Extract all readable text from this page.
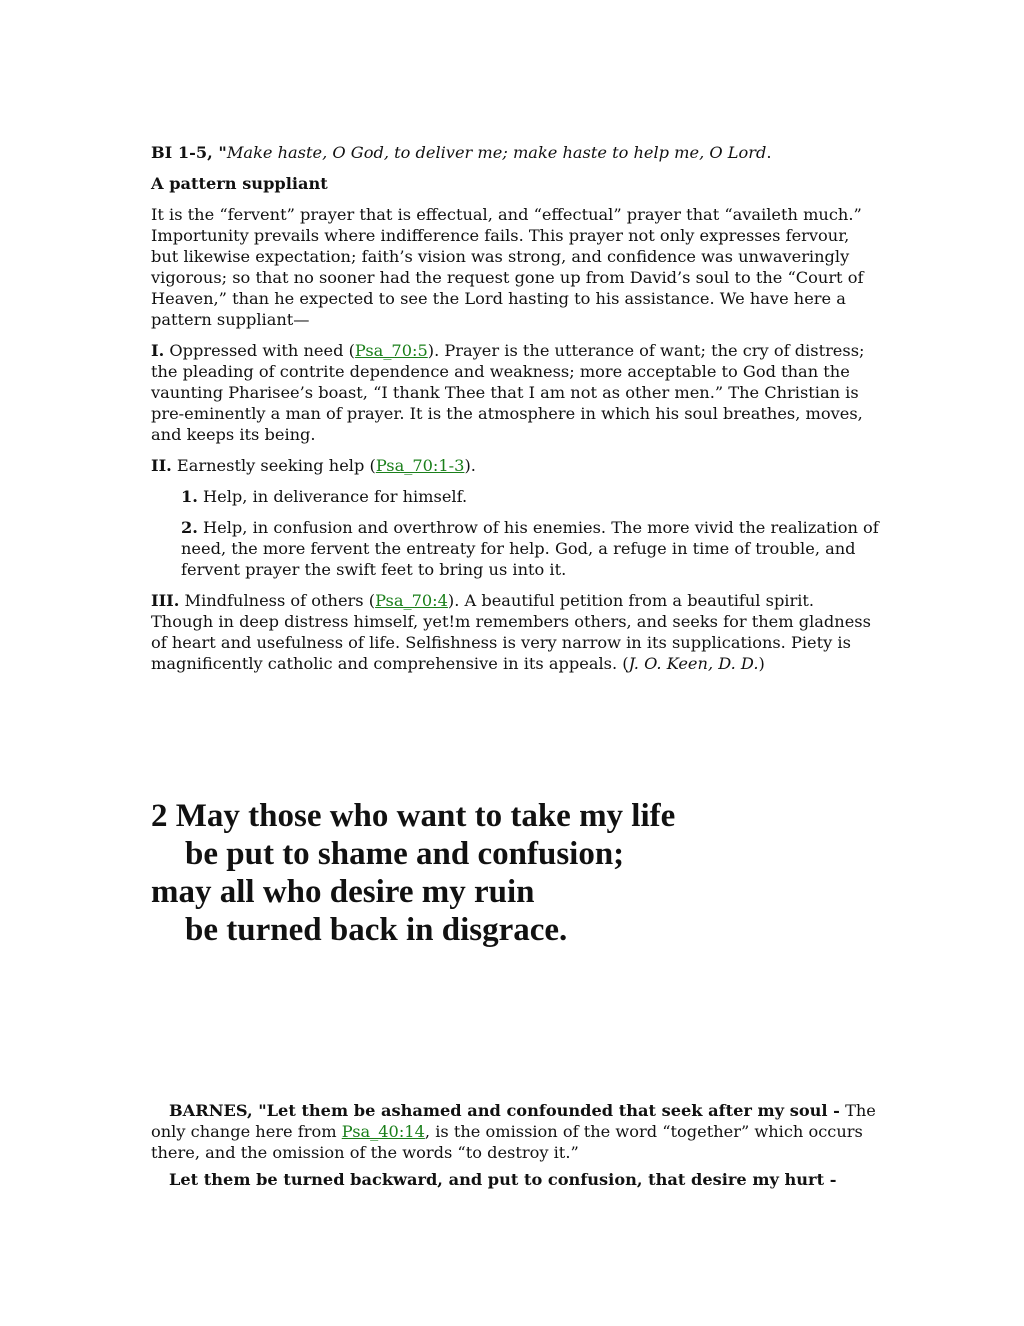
BI 1-5, "Make haste, O God, to deliver me; make haste to help me, O Lord.

A pattern suppliant

It is the “fervent” prayer that is effectual, and “effectual” prayer that “availeth much.” Importunity prevails where indifference fails. This prayer not only expresses fervour, but likewise expectation; faith’s vision was strong, and confidence was unwaveringly vigorous; so that no sooner had the request gone up from David’s soul to the “Court of Heaven,” than he expected to see the Lord hasting to his assistance. We have here a pattern suppliant—

I. Oppressed with need (Psa_70:5). Prayer is the utterance of want; the cry of distress; the pleading of contrite dependence and weakness; more acceptable to God than the vaunting Pharisee’s boast, “I thank Thee that I am not as other men.” The Christian is pre-eminently a man of prayer. It is the atmosphere in which his soul breathes, moves, and keeps its being.

II. Earnestly seeking help (Psa_70:1-3).

1. Help, in deliverance for himself.

2. Help, in confusion and overthrow of his enemies. The more vivid the realization of need, the more fervent the entreaty for help. God, a refuge in time of trouble, and fervent prayer the swift feet to bring us into it.

III. Mindfulness of others (Psa_70:4). A beautiful petition from a beautiful spirit. Though in deep distress himself, yet!m remembers others, and seeks for them gladness of heart and usefulness of life. Selfishness is very narrow in its supplications. Piety is magnificently catholic and comprehensive in its appeals. (J. O. Keen, D. D.)

2 May those who want to take my life

be put to shame and confusion;

may all who desire my ruin

be turned back in disgrace.

BARNES, "Let them be ashamed and confounded that seek after my soul - The only change here from Psa_40:14, is the omission of the word “together” which occurs there, and the omission of the words “to destroy it.”

Let them be turned backward, and put to confusion, that desire my hurt -
